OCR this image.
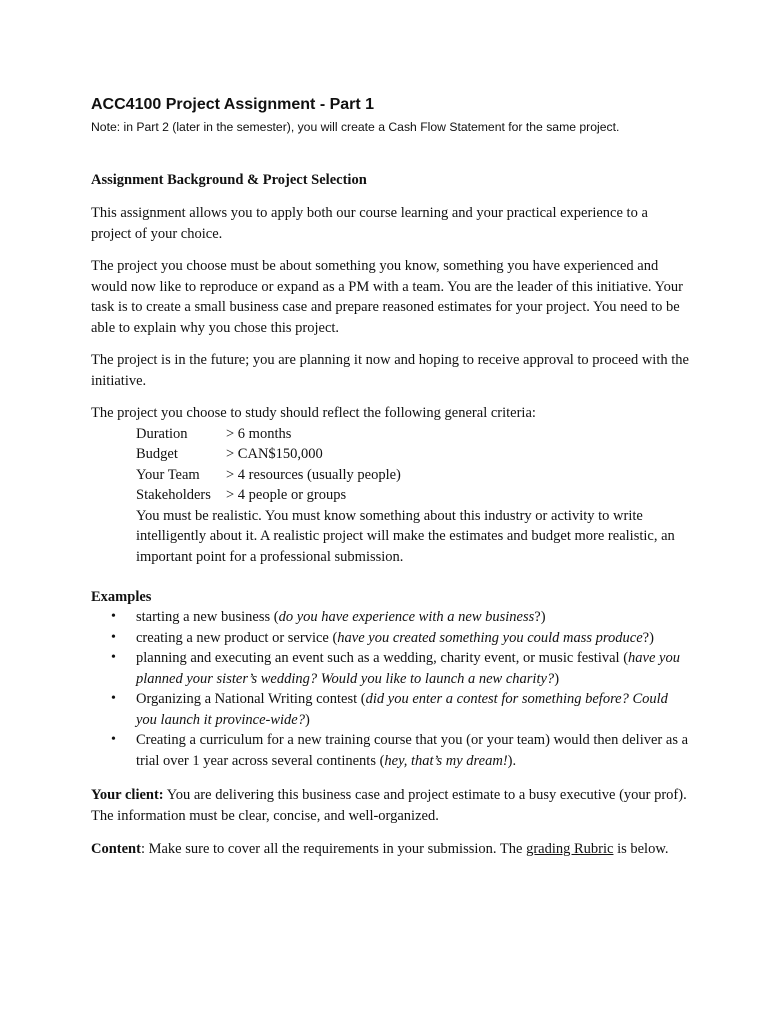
ACC4100 Project Assignment - Part 1
Note: in Part 2 (later in the semester), you will create a Cash Flow Statement for the same project.
Assignment Background & Project Selection

This assignment allows you to apply both our course learning and your practical experience to a project of your choice.

The project you choose must be about something you know, something you have experienced and would now like to reproduce or expand as a PM with a team. You are the leader of this initiative. Your task is to create a small business case and prepare reasoned estimates for your project. You need to be able to explain why you chose this project.

The project is in the future; you are planning it now and hoping to receive approval to proceed with the initiative.

The project you choose to study should reflect the following general criteria:

Duration	> 6 months
Budget	> CAN$150,000
Your Team	> 4 resources (usually people)
Stakeholders	> 4 people or groups

You must be realistic. You must know something about this industry or activity to write intelligently about it. A realistic project will make the estimates and budget more realistic, an important point for a professional submission.

Examples
• starting a new business (do you have experience with a new business?)
• creating a new product or service (have you created something you could mass produce?)
• planning and executing an event such as a wedding, charity event, or music festival (have you planned your sister’s wedding? Would you like to launch a new charity?)
• Organizing a National Writing contest (did you enter a contest for something before? Could you launch it province-wide?)
• Creating a curriculum for a new training course that you (or your team) would then deliver as a trial over 1 year across several continents (hey, that’s my dream!).

Your client: You are delivering this business case and project estimate to a busy executive (your prof). The information must be clear, concise, and well-organized.

Content: Make sure to cover all the requirements in your submission. The grading Rubric is below.
